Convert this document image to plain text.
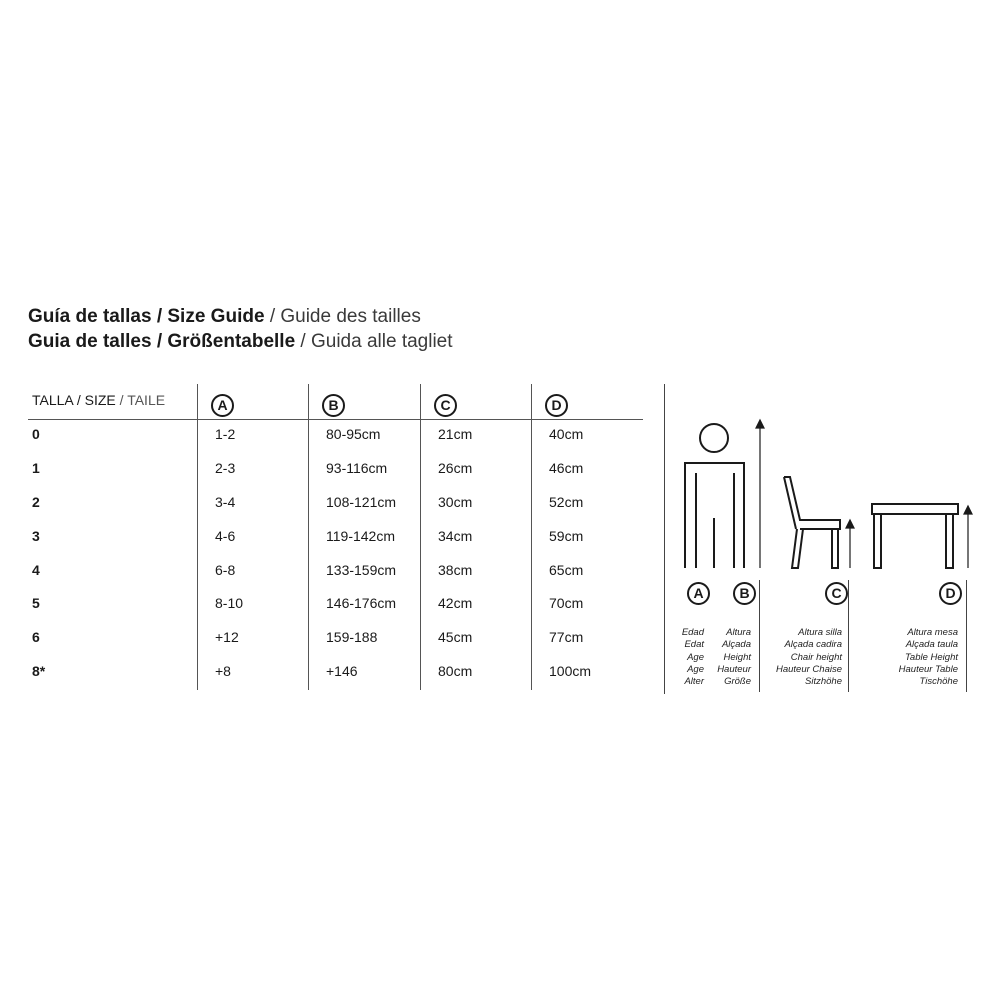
Guía de tallas / Size Guide / Guide des tailles
Guia de talles / Größentabelle / Guida alle tagliet
TALLA / SIZE / TAILE	A	B	C	D
0	1-2	80-95cm	21cm	40cm
1	2-3	93-116cm	26cm	46cm
2	3-4	108-121cm	30cm	52cm
3	4-6	119-142cm	34cm	59cm
4	6-8	133-159cm	38cm	65cm
5	8-10	146-176cm	42cm	70cm
6	+12	159-188	45cm	77cm
8*	+8	+146	80cm	100cm
A	B	C	D
Edad
Edat
Age
Age
Alter
Altura
Alçada
Height
Hauteur
Größe
Altura silla
Alçada cadira
Chair height
Hauteur Chaise
Sitzhöhe
Altura mesa
Alçada taula
Table Height
Hauteur Table
Tischöhe
